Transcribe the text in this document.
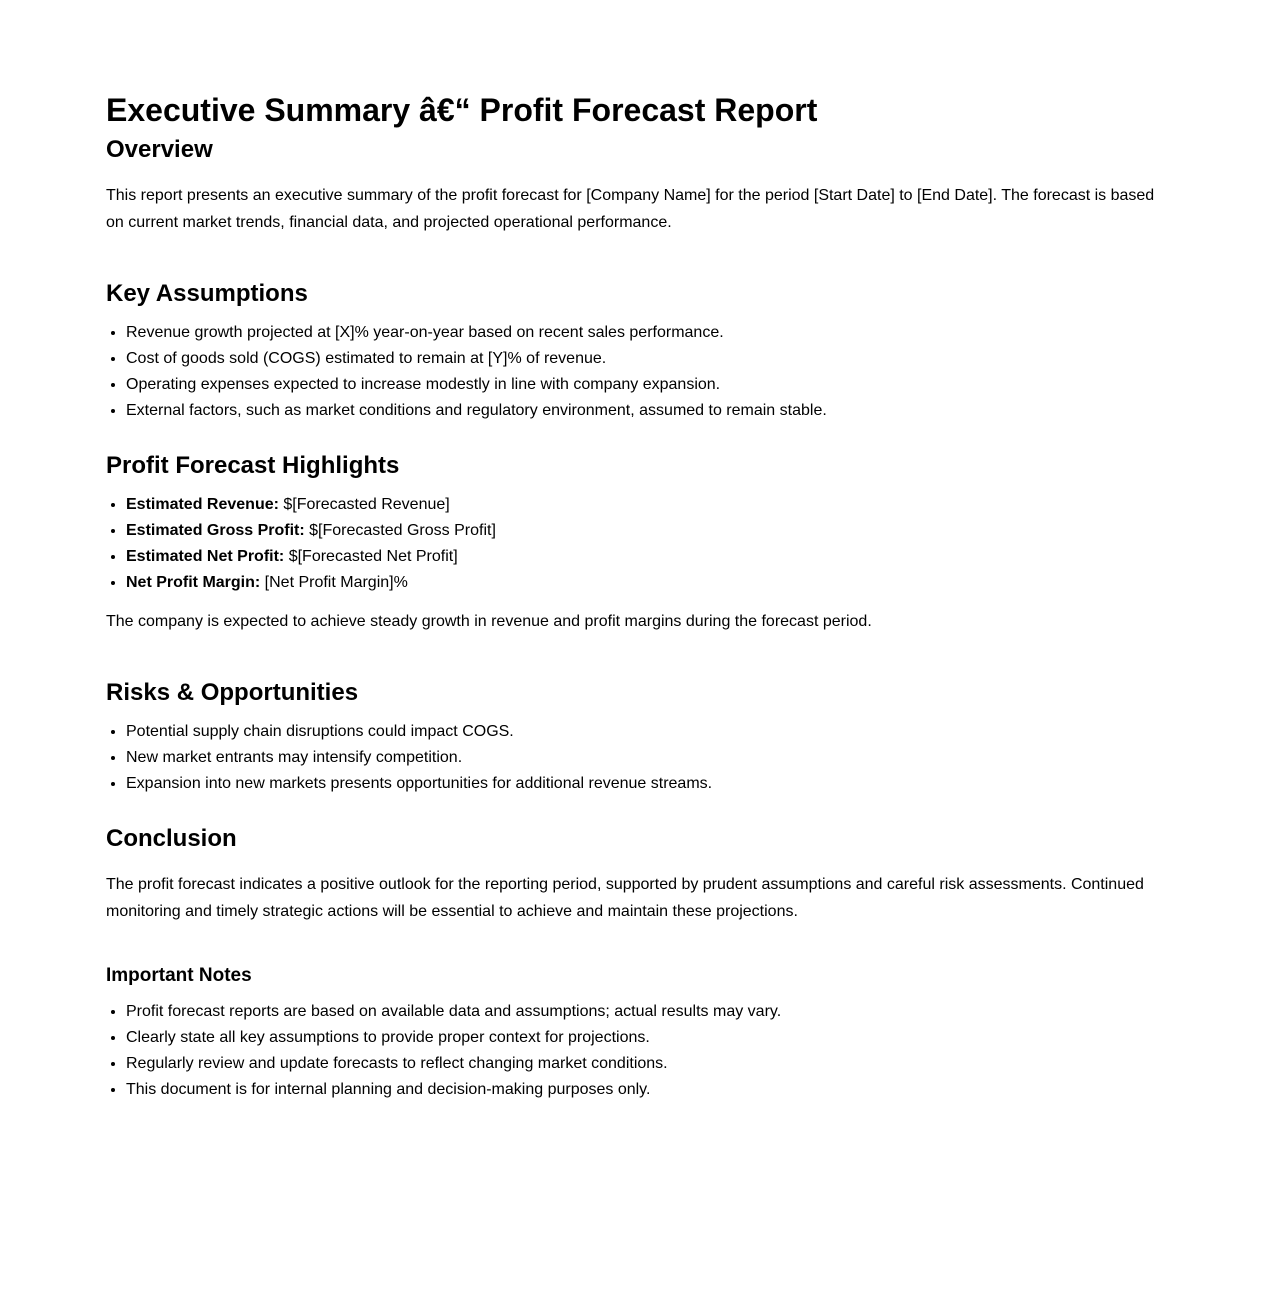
Executive Summary â€“ Profit Forecast Report
Overview

This report presents an executive summary of the profit forecast for [Company Name] for the period [Start Date] to [End Date]. The forecast is based on current market trends, financial data, and projected operational performance.

Key Assumptions
• Revenue growth projected at [X]% year-on-year based on recent sales performance.
• Cost of goods sold (COGS) estimated to remain at [Y]% of revenue.
• Operating expenses expected to increase modestly in line with company expansion.
• External factors, such as market conditions and regulatory environment, assumed to remain stable.
Profit Forecast Highlights
• Estimated Revenue: $[Forecasted Revenue]
• Estimated Gross Profit: $[Forecasted Gross Profit]
• Estimated Net Profit: $[Forecasted Net Profit]
• Net Profit Margin: [Net Profit Margin]%

The company is expected to achieve steady growth in revenue and profit margins during the forecast period.

Risks & Opportunities
• Potential supply chain disruptions could impact COGS.
• New market entrants may intensify competition.
• Expansion into new markets presents opportunities for additional revenue streams.
Conclusion

The profit forecast indicates a positive outlook for the reporting period, supported by prudent assumptions and careful risk assessments. Continued monitoring and timely strategic actions will be essential to achieve and maintain these projections.

Important Notes
• Profit forecast reports are based on available data and assumptions; actual results may vary.
• Clearly state all key assumptions to provide proper context for projections.
• Regularly review and update forecasts to reflect changing market conditions.
• This document is for internal planning and decision-making purposes only.
